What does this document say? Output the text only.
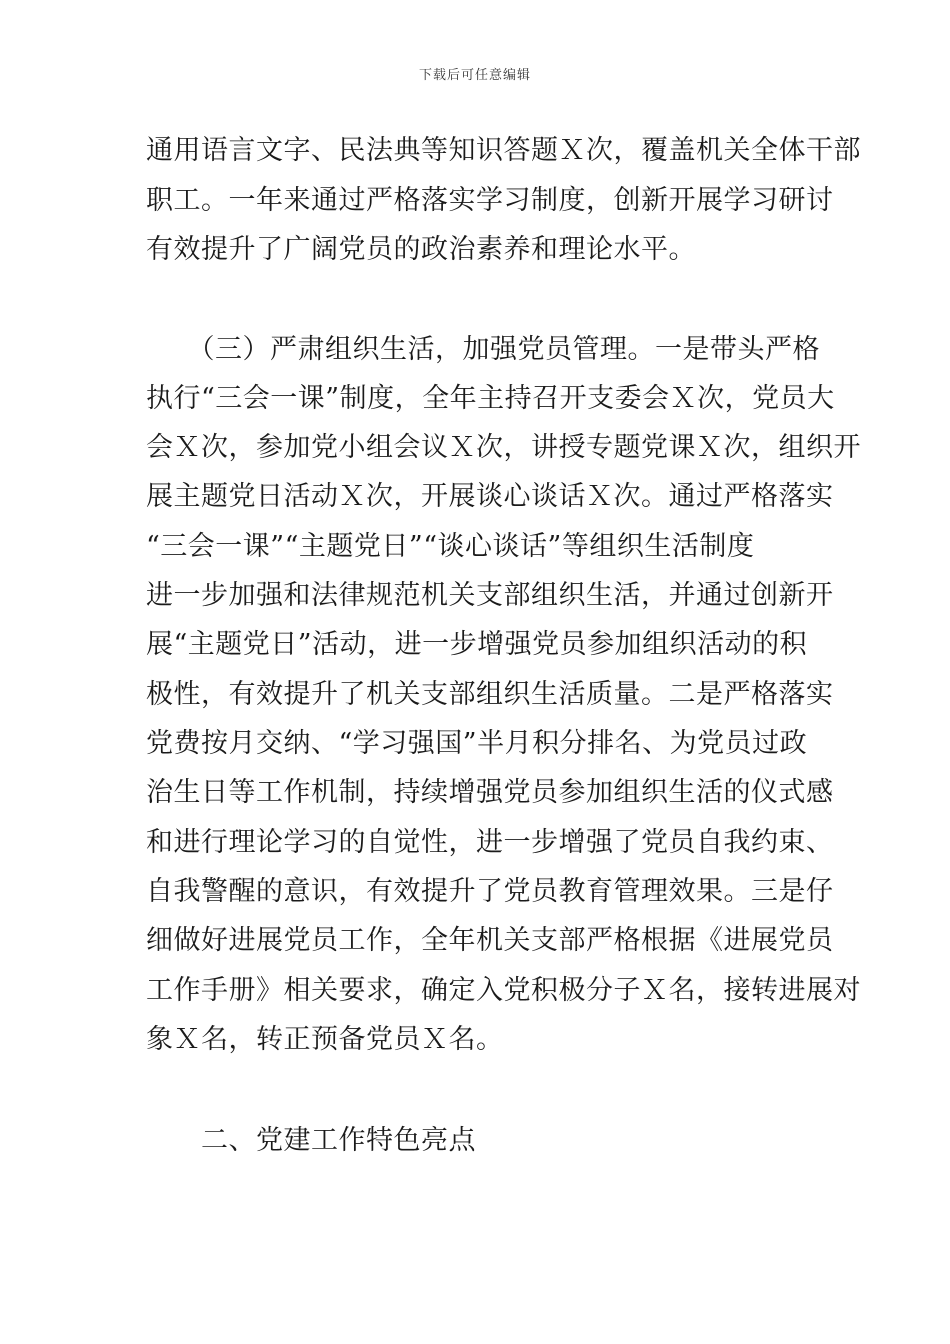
下载后可任意编辑
通用语言文字、民法典等知识答题Ｘ次，覆盖机关全体干部
职工。一年来通过严格落实学习制度，创新开展学习研讨
有效提升了广阔党员的政治素养和理论水平。
　　（三）严肃组织生活，加强党员管理。一是带头严格
执行“三会一课”制度，全年主持召开支委会Ｘ次，党员大
会Ｘ次，参加党小组会议Ｘ次，讲授专题党课Ｘ次，组织开
展主题党日活动Ｘ次，开展谈心谈话Ｘ次。通过严格落实
“三会一课”“主题党日”“谈心谈话”等组织生活制度
进一步加强和法律规范机关支部组织生活，并通过创新开
展“主题党日”活动，进一步增强党员参加组织活动的积
极性，有效提升了机关支部组织生活质量。二是严格落实
党费按月交纳、“学习强国”半月积分排名、为党员过政
治生日等工作机制，持续增强党员参加组织生活的仪式感
和进行理论学习的自觉性，进一步增强了党员自我约束、
自我警醒的意识，有效提升了党员教育管理效果。三是仔
细做好进展党员工作，全年机关支部严格根据《进展党员
工作手册》相关要求，确定入党积极分子Ｘ名，接转进展对
象Ｘ名，转正预备党员Ｘ名。
　　二、党建工作特色亮点
